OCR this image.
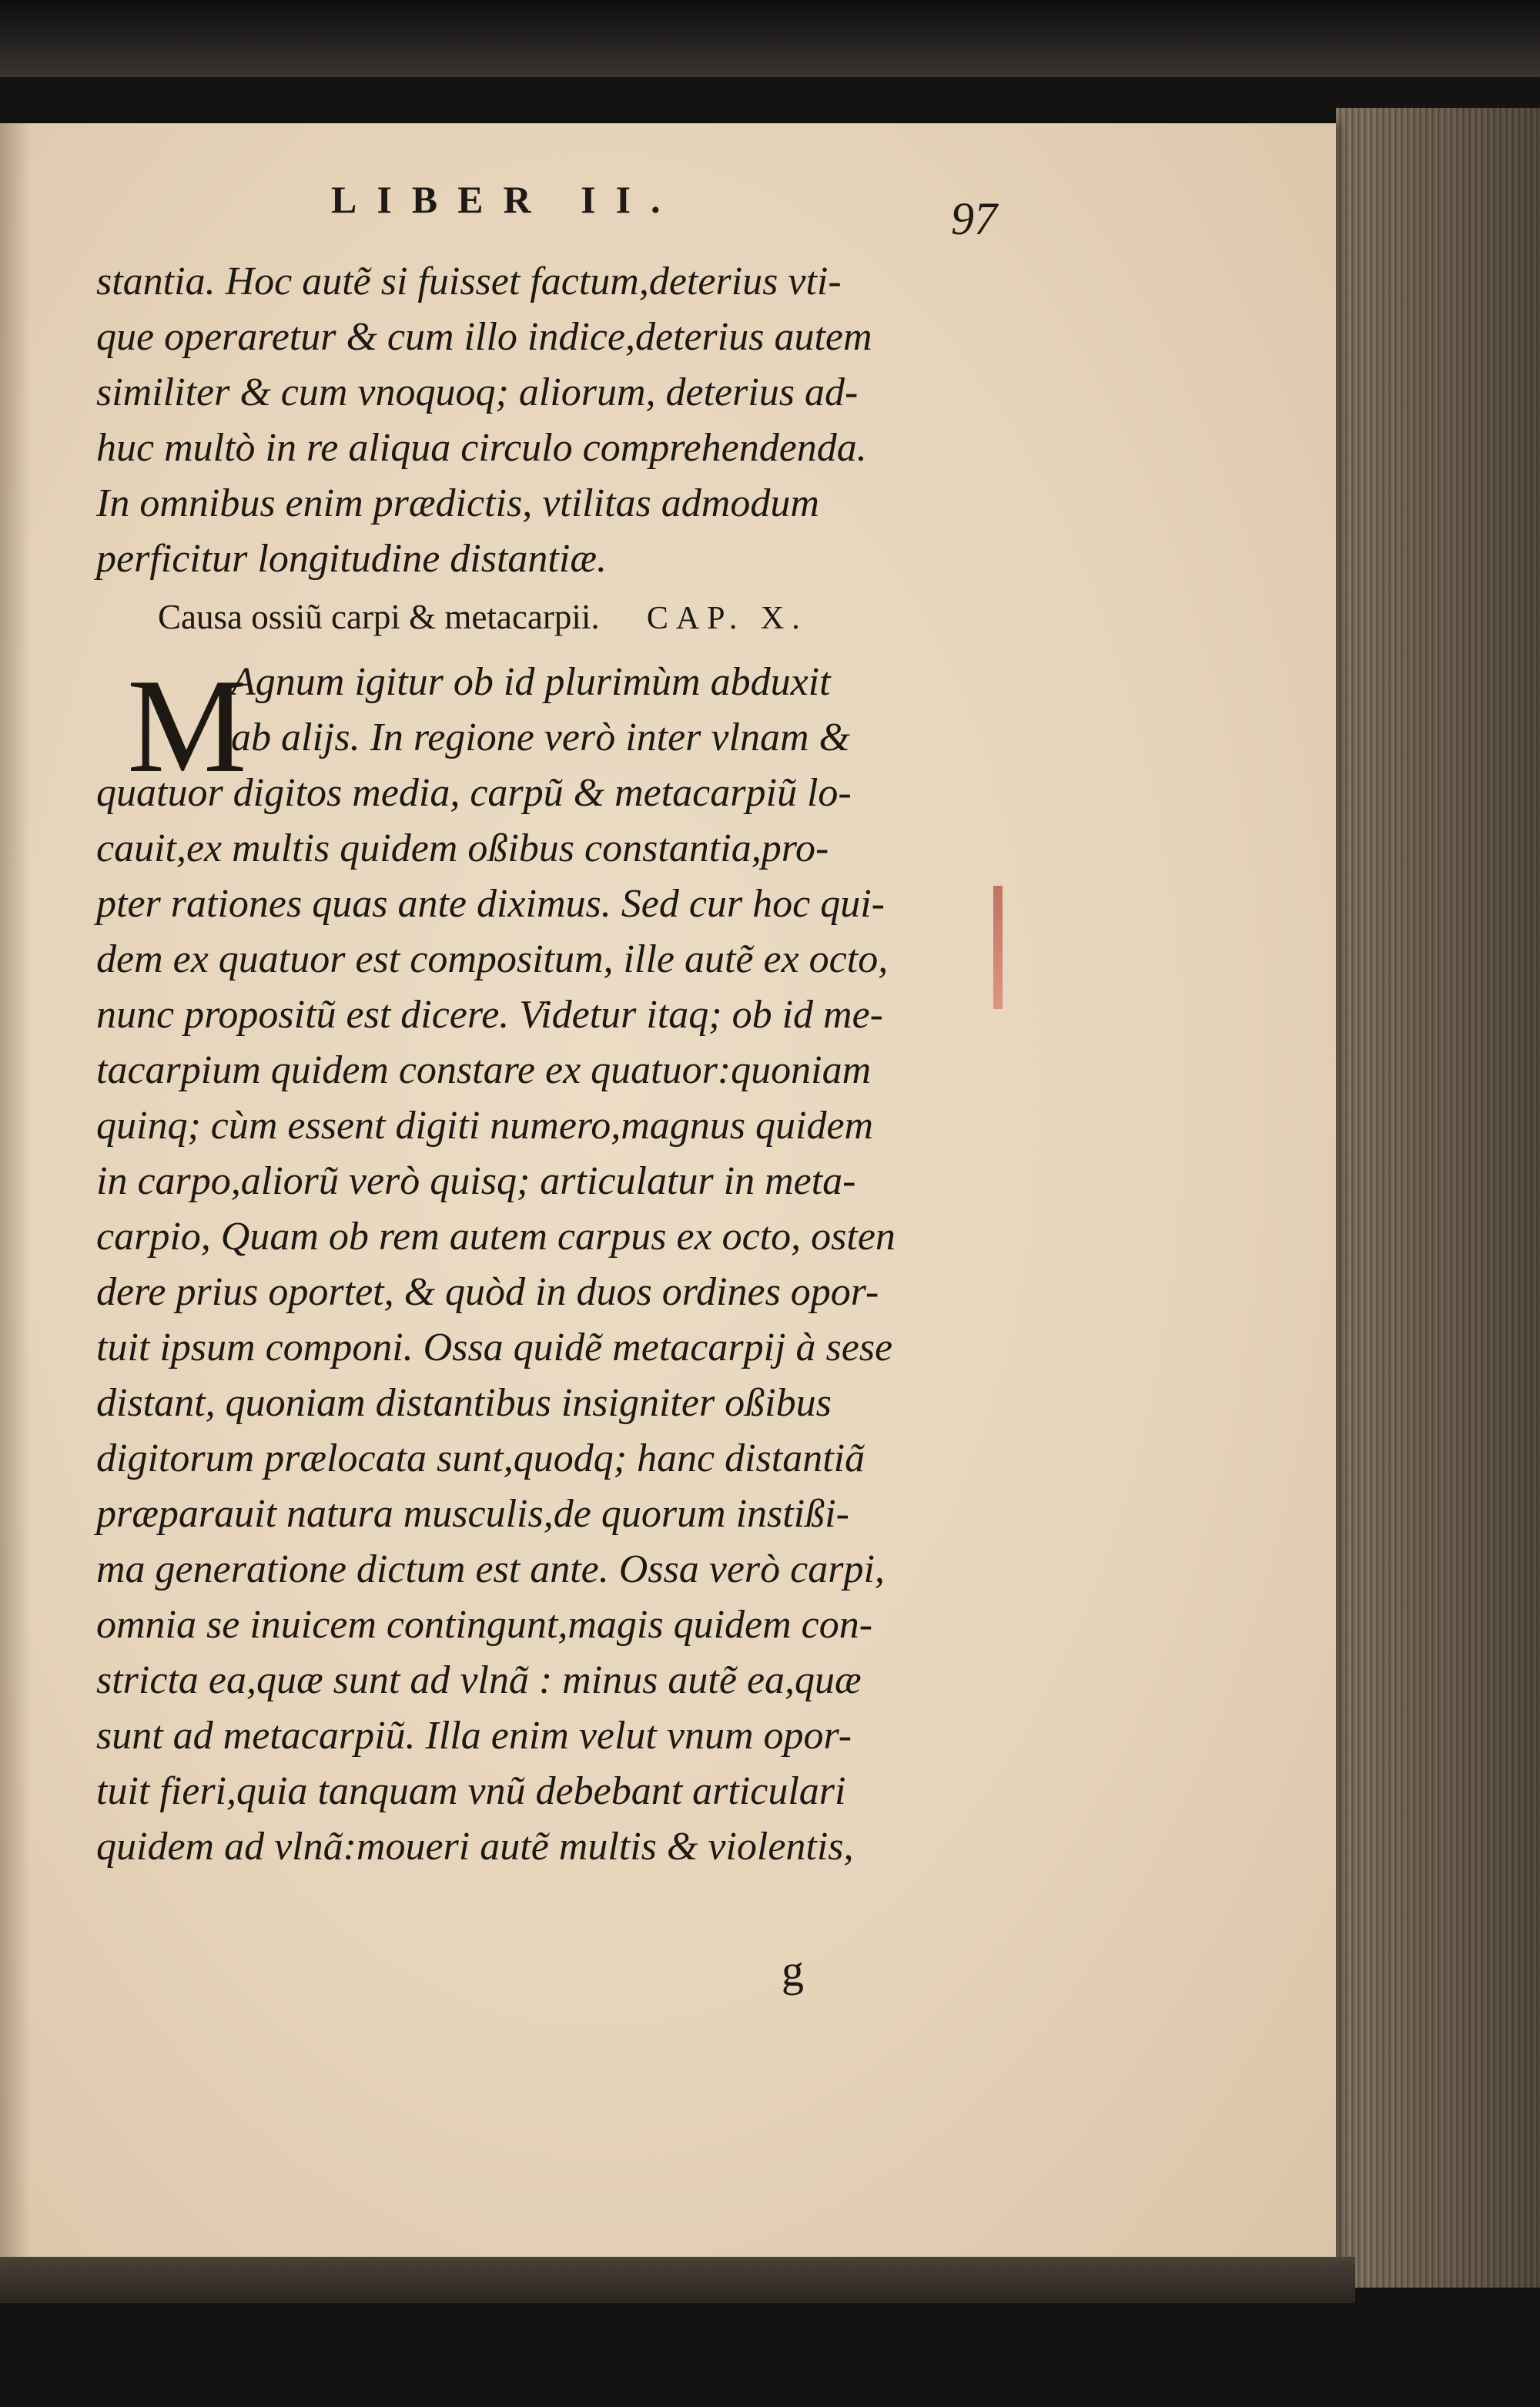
LIBER II.	97
stantia. Hoc autẽ si fuisset factum,deterius vti-
que operaretur & cum illo indice,deterius autem
similiter & cum vnoquoq; aliorum, deterius ad-
huc multò in re aliqua circulo comprehendenda.
In omnibus enim prædictis, vtilitas admodum
perficitur longitudine distantiæ.
Causa ossiũ carpi & metacarpii. CAP. X.
Agnum igitur ob id plurimùm abduxit
ab alijs. In regione verò inter vlnam &
quatuor digitos media, carpũ & metacarpiũ lo-
cauit,ex multis quidem oßibus constantia,pro-
pter rationes quas ante diximus. Sed cur hoc qui-
dem ex quatuor est compositum, ille autẽ ex octo,
nunc propositũ est dicere. Videtur itaq; ob id me-
tacarpium quidem constare ex quatuor:quoniam
quinq; cùm essent digiti numero,magnus quidem
in carpo,aliorũ verò quisq; articulatur in meta-
carpio, Quam ob rem autem carpus ex octo, osten
dere prius oportet, & quòd in duos ordines opor-
tuit ipsum componi. Ossa quidẽ metacarpij à sese
distant, quoniam distantibus insigniter oßibus
digitorum prælocata sunt,quodq; hanc distantiã
præparauit natura musculis,de quorum instißi-
ma generatione dictum est ante. Ossa verò carpi,
omnia se inuicem contingunt,magis quidem con-
stricta ea,quæ sunt ad vlnã : minus autẽ ea,quæ
sunt ad metacarpiũ. Illa enim velut vnum opor-
tuit fieri,quia tanquam vnũ debebant articulari
quidem ad vlnã:moueri autẽ multis & violentis,
M
g
